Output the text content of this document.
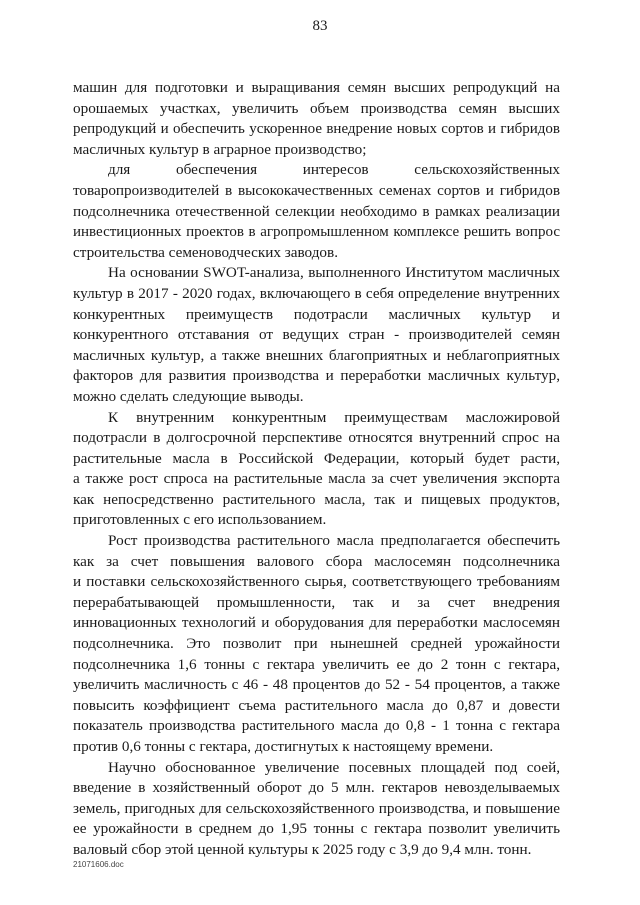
83
машин для подготовки и выращивания семян высших репродукций на
орошаемых участках, увеличить объем производства семян высших
репродукций и обеспечить ускоренное внедрение новых сортов и гибридов
масличных культур в аграрное производство;
для обеспечения интересов сельскохозяйственных
товаропроизводителей в высококачественных семенах сортов и гибридов
подсолнечника отечественной селекции необходимо в рамках реализации
инвестиционных проектов в агропромышленном комплексе решить вопрос
строительства семеноводческих заводов.
На основании SWOT-анализа, выполненного Институтом масличных
культур в 2017 - 2020 годах, включающего в себя определение внутренних
конкурентных преимуществ подотрасли масличных культур и
конкурентного отставания от ведущих стран - производителей семян
масличных культур, а также внешних благоприятных и неблагоприятных
факторов для развития производства и переработки масличных культур,
можно сделать следующие выводы.
К внутренним конкурентным преимуществам масложировой
подотрасли в долгосрочной перспективе относятся внутренний спрос на
растительные масла в Российской Федерации, который будет расти,
а также рост спроса на растительные масла за счет увеличения экспорта
как непосредственно растительного масла, так и пищевых продуктов,
приготовленных с его использованием.
Рост производства растительного масла предполагается обеспечить
как за счет повышения валового сбора маслосемян подсолнечника
и поставки сельскохозяйственного сырья, соответствующего требованиям
перерабатывающей промышленности, так и за счет внедрения
инновационных технологий и оборудования для переработки маслосемян
подсолнечника. Это позволит при нынешней средней урожайности
подсолнечника 1,6 тонны с гектара увеличить ее до 2 тонн с гектара,
увеличить масличность с 46 - 48 процентов до 52 - 54 процентов, а также
повысить коэффициент съема растительного масла до 0,87 и довести
показатель производства растительного масла до 0,8 - 1 тонна с гектара
против 0,6 тонны с гектара, достигнутых к настоящему времени.
Научно обоснованное увеличение посевных площадей под соей,
введение в хозяйственный оборот до 5 млн. гектаров невозделываемых
земель, пригодных для сельскохозяйственного производства, и повышение
ее урожайности в среднем до 1,95 тонны с гектара позволит увеличить
валовый сбор этой ценной культуры к 2025 году с 3,9 до 9,4 млн. тонн.
21071606.doc
